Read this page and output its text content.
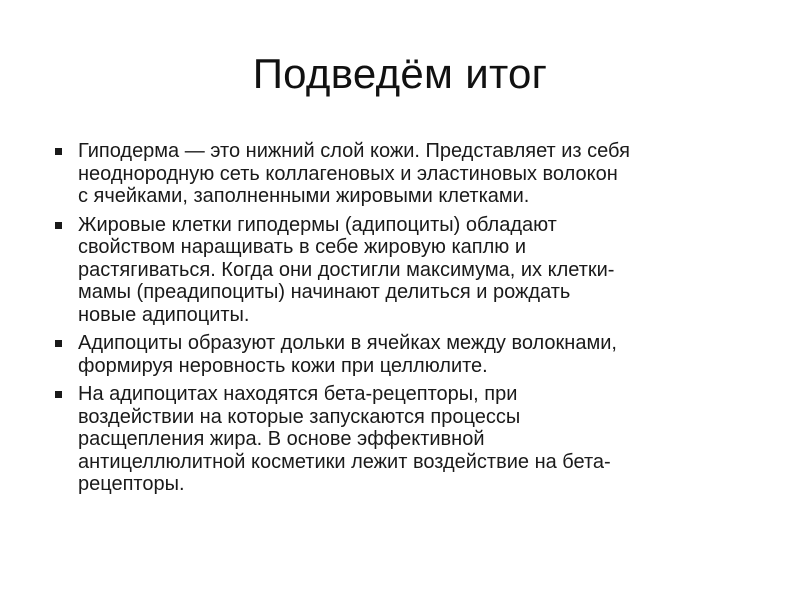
Подведём итог
Гиподерма — это нижний слой кожи. Представляет из себя
неоднородную сеть коллагеновых и эластиновых волокон
с ячейками, заполненными жировыми клетками.
Жировые клетки гиподермы (адипоциты) обладают
свойством наращивать в себе жировую каплю и
растягиваться. Когда они достигли максимума, их клетки-
мамы (преадипоциты) начинают делиться и рождать
новые адипоциты.
Адипоциты образуют дольки в ячейках между волокнами,
формируя неровность кожи при целлюлите.
На адипоцитах находятся бета-рецепторы, при
воздействии на которые запускаются процессы
расщепления жира. В основе эффективной
антицеллюлитной косметики лежит воздействие на бета-
рецепторы.
